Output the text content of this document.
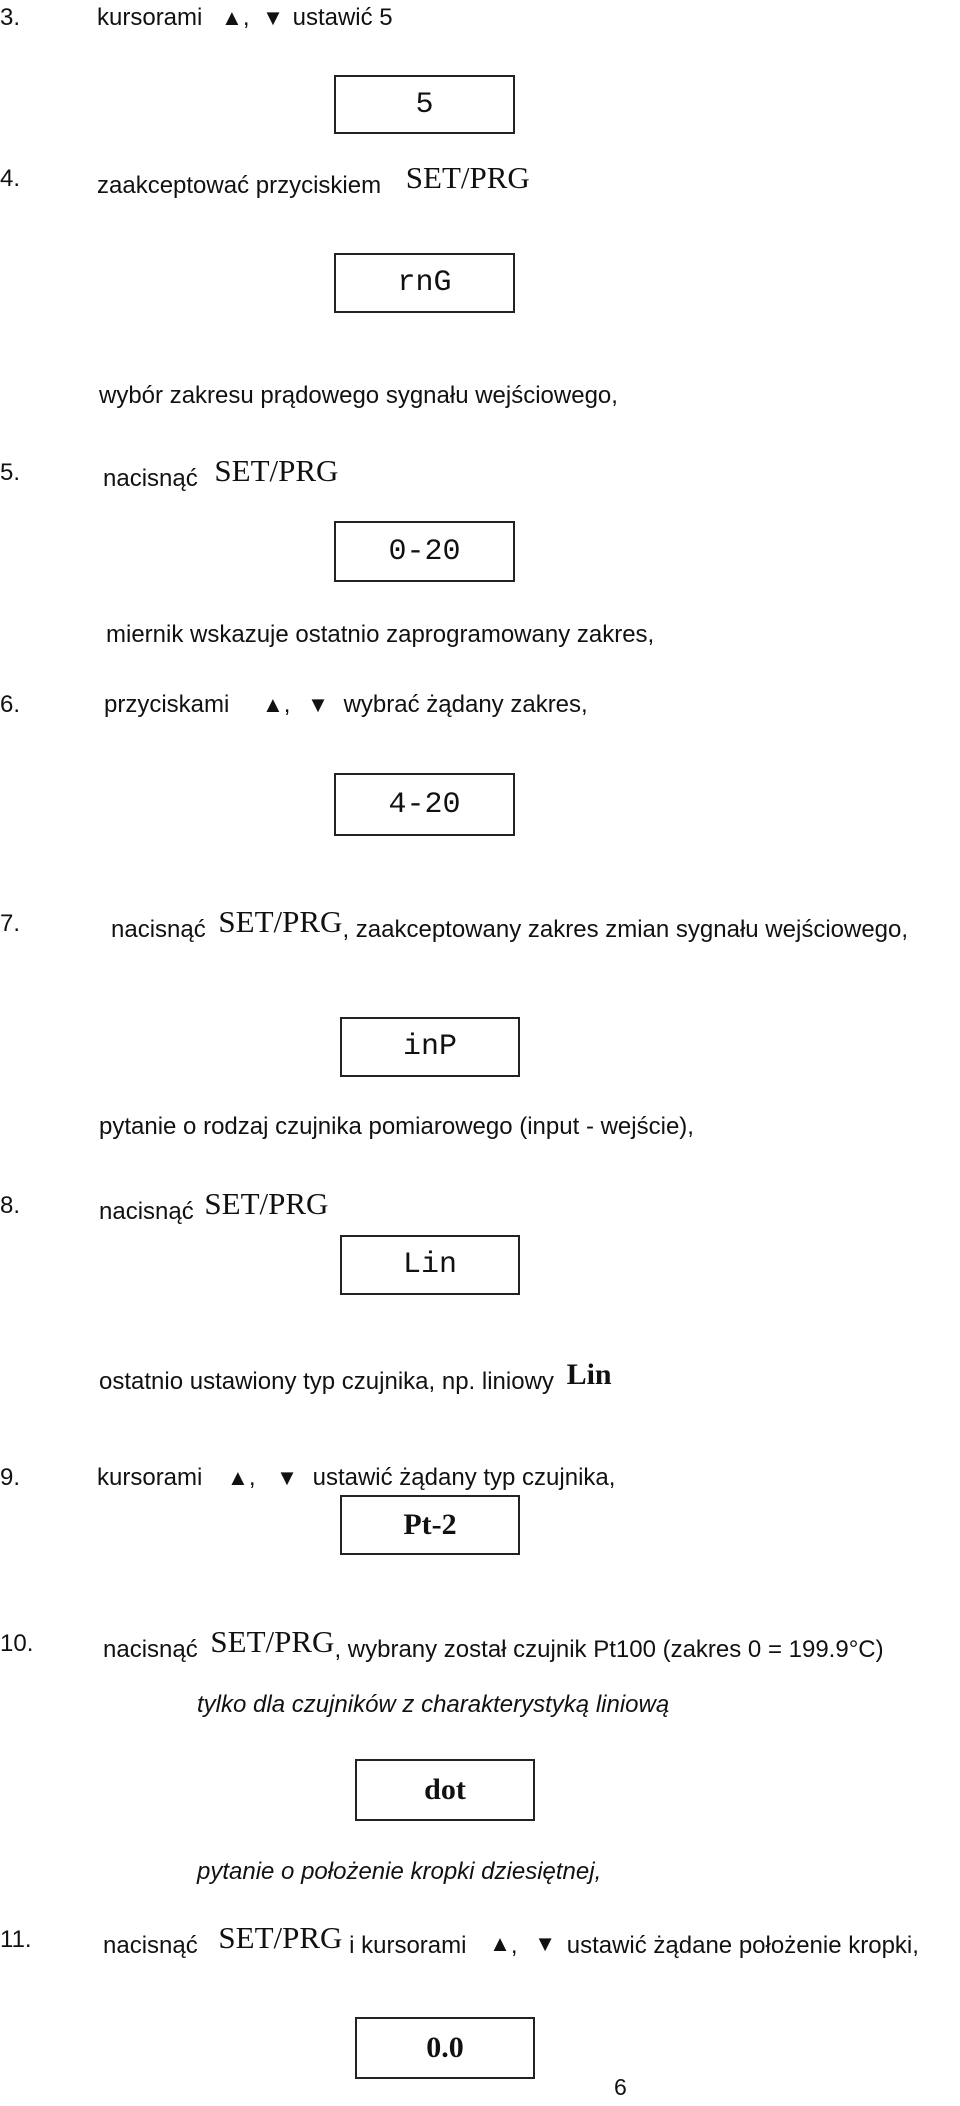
3.	kursorami ▲, ▼ ustawić 5
5
4.	zaakceptować przyciskiem SET/PRG
rnG
wybór zakresu prądowego sygnału wejściowego,
5.	nacisnąć SET/PRG
0-20
miernik wskazuje ostatnio zaprogramowany zakres,
6.	przyciskami ▲, ▼ wybrać żądany zakres,
4-20
7.	nacisnąć SET/PRG, zaakceptowany zakres zmian sygnału wejściowego,
inP
pytanie o rodzaj czujnika pomiarowego (input - wejście),
8.	nacisnąć SET/PRG
Lin
ostatnio ustawiony typ czujnika, np. liniowy Lin
9.	kursorami ▲, ▼ ustawić żądany typ czujnika,
Pt-2
10.	nacisnąć SET/PRG, wybrany został czujnik Pt100 (zakres 0 = 199.9°C)
tylko dla czujników z charakterystyką liniową
dot
pytanie o położenie kropki dziesiętnej,
11.	nacisnąć SET/PRG i kursorami ▲, ▼ ustawić żądane położenie kropki,
0.0
6
